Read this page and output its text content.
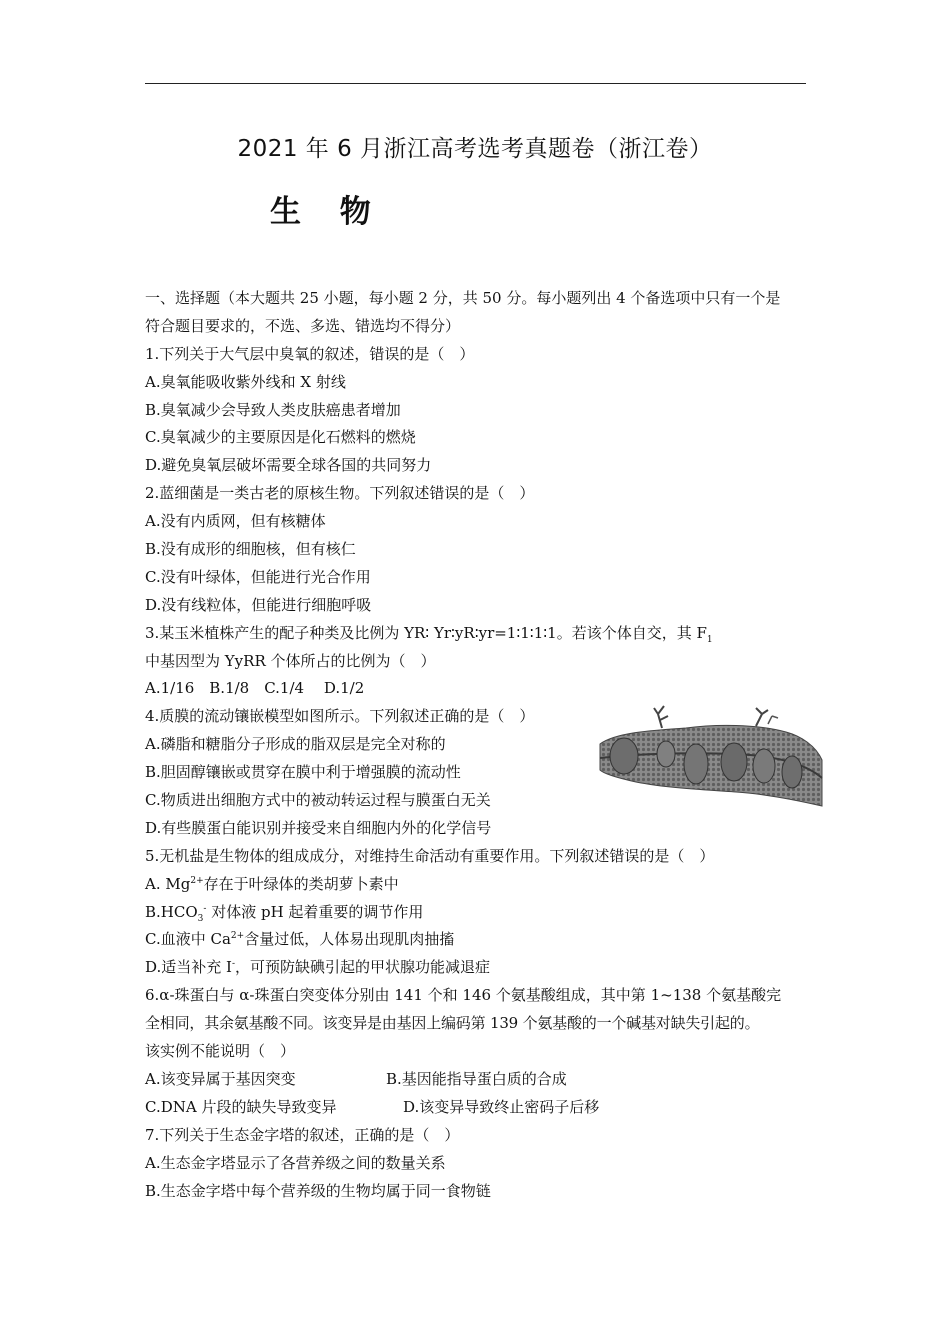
2021 年 6 月浙江高考选考真题卷（浙江卷）
生 物
一、选择题（本大题共 25 小题，每小题 2 分，共 50 分。每小题列出 4 个备选项中只有一个是
符合题目要求的，不选、多选、错选均不得分）
1.下列关于大气层中臭氧的叙述，错误的是（　）
A.臭氧能吸收紫外线和 X 射线
B.臭氧减少会导致人类皮肤癌患者增加
C.臭氧减少的主要原因是化石燃料的燃烧
D.避免臭氧层破坏需要全球各国的共同努力
2.蓝细菌是一类古老的原核生物。下列叙述错误的是（　）
A.没有内质网，但有核糖体
B.没有成形的细胞核，但有核仁
C.没有叶绿体，但能进行光合作用
D.没有线粒体，但能进行细胞呼吸
3.某玉米植株产生的配子种类及比例为 YR∶ Yr∶yR∶yr=1∶1∶1∶1。若该个体自交，其 $F_1$
中基因型为 YyRR 个体所占的比例为（　）
A.1/16　B.1/8　C.1/4　 D.1/2
4.质膜的流动镶嵌模型如图所示。下列叙述正确的是（　）
A.磷脂和糖脂分子形成的脂双层是完全对称的
B.胆固醇镶嵌或贯穿在膜中利于增强膜的流动性
C.物质进出细胞方式中的被动转运过程与膜蛋白无关
D.有些膜蛋白能识别并接受来自细胞内外的化学信号
5.无机盐是生物体的组成成分，对维持生命活动有重要作用。下列叙述错误的是（　）
A. $Mg^{2+}$存在于叶绿体的类胡萝卜素中
$B.HCO_3^-$ 对体液 pH 起着重要的调节作用
C.血液中 $Ca^{2+}$含量过低，人体易出现肌肉抽搐
D.适当补充 I-，可预防缺碘引起的甲状腺功能减退症
6.α-珠蛋白与 α-珠蛋白突变体分别由 141 个和 146 个氨基酸组成，其中第 1~138 个氨基酸完
全相同，其余氨基酸不同。该变异是由基因上编码第 139 个氨基酸的一个碱基对缺失引起的。
该实例不能说明（　）
A.该变异属于基因突变	B.基因能指导蛋白质的合成
C.DNA 片段的缺失导致变异	D.该变异导致终止密码子后移
7.下列关于生态金字塔的叙述，正确的是（　）
A.生态金字塔显示了各营养级之间的数量关系
B.生态金字塔中每个营养级的生物均属于同一食物链
